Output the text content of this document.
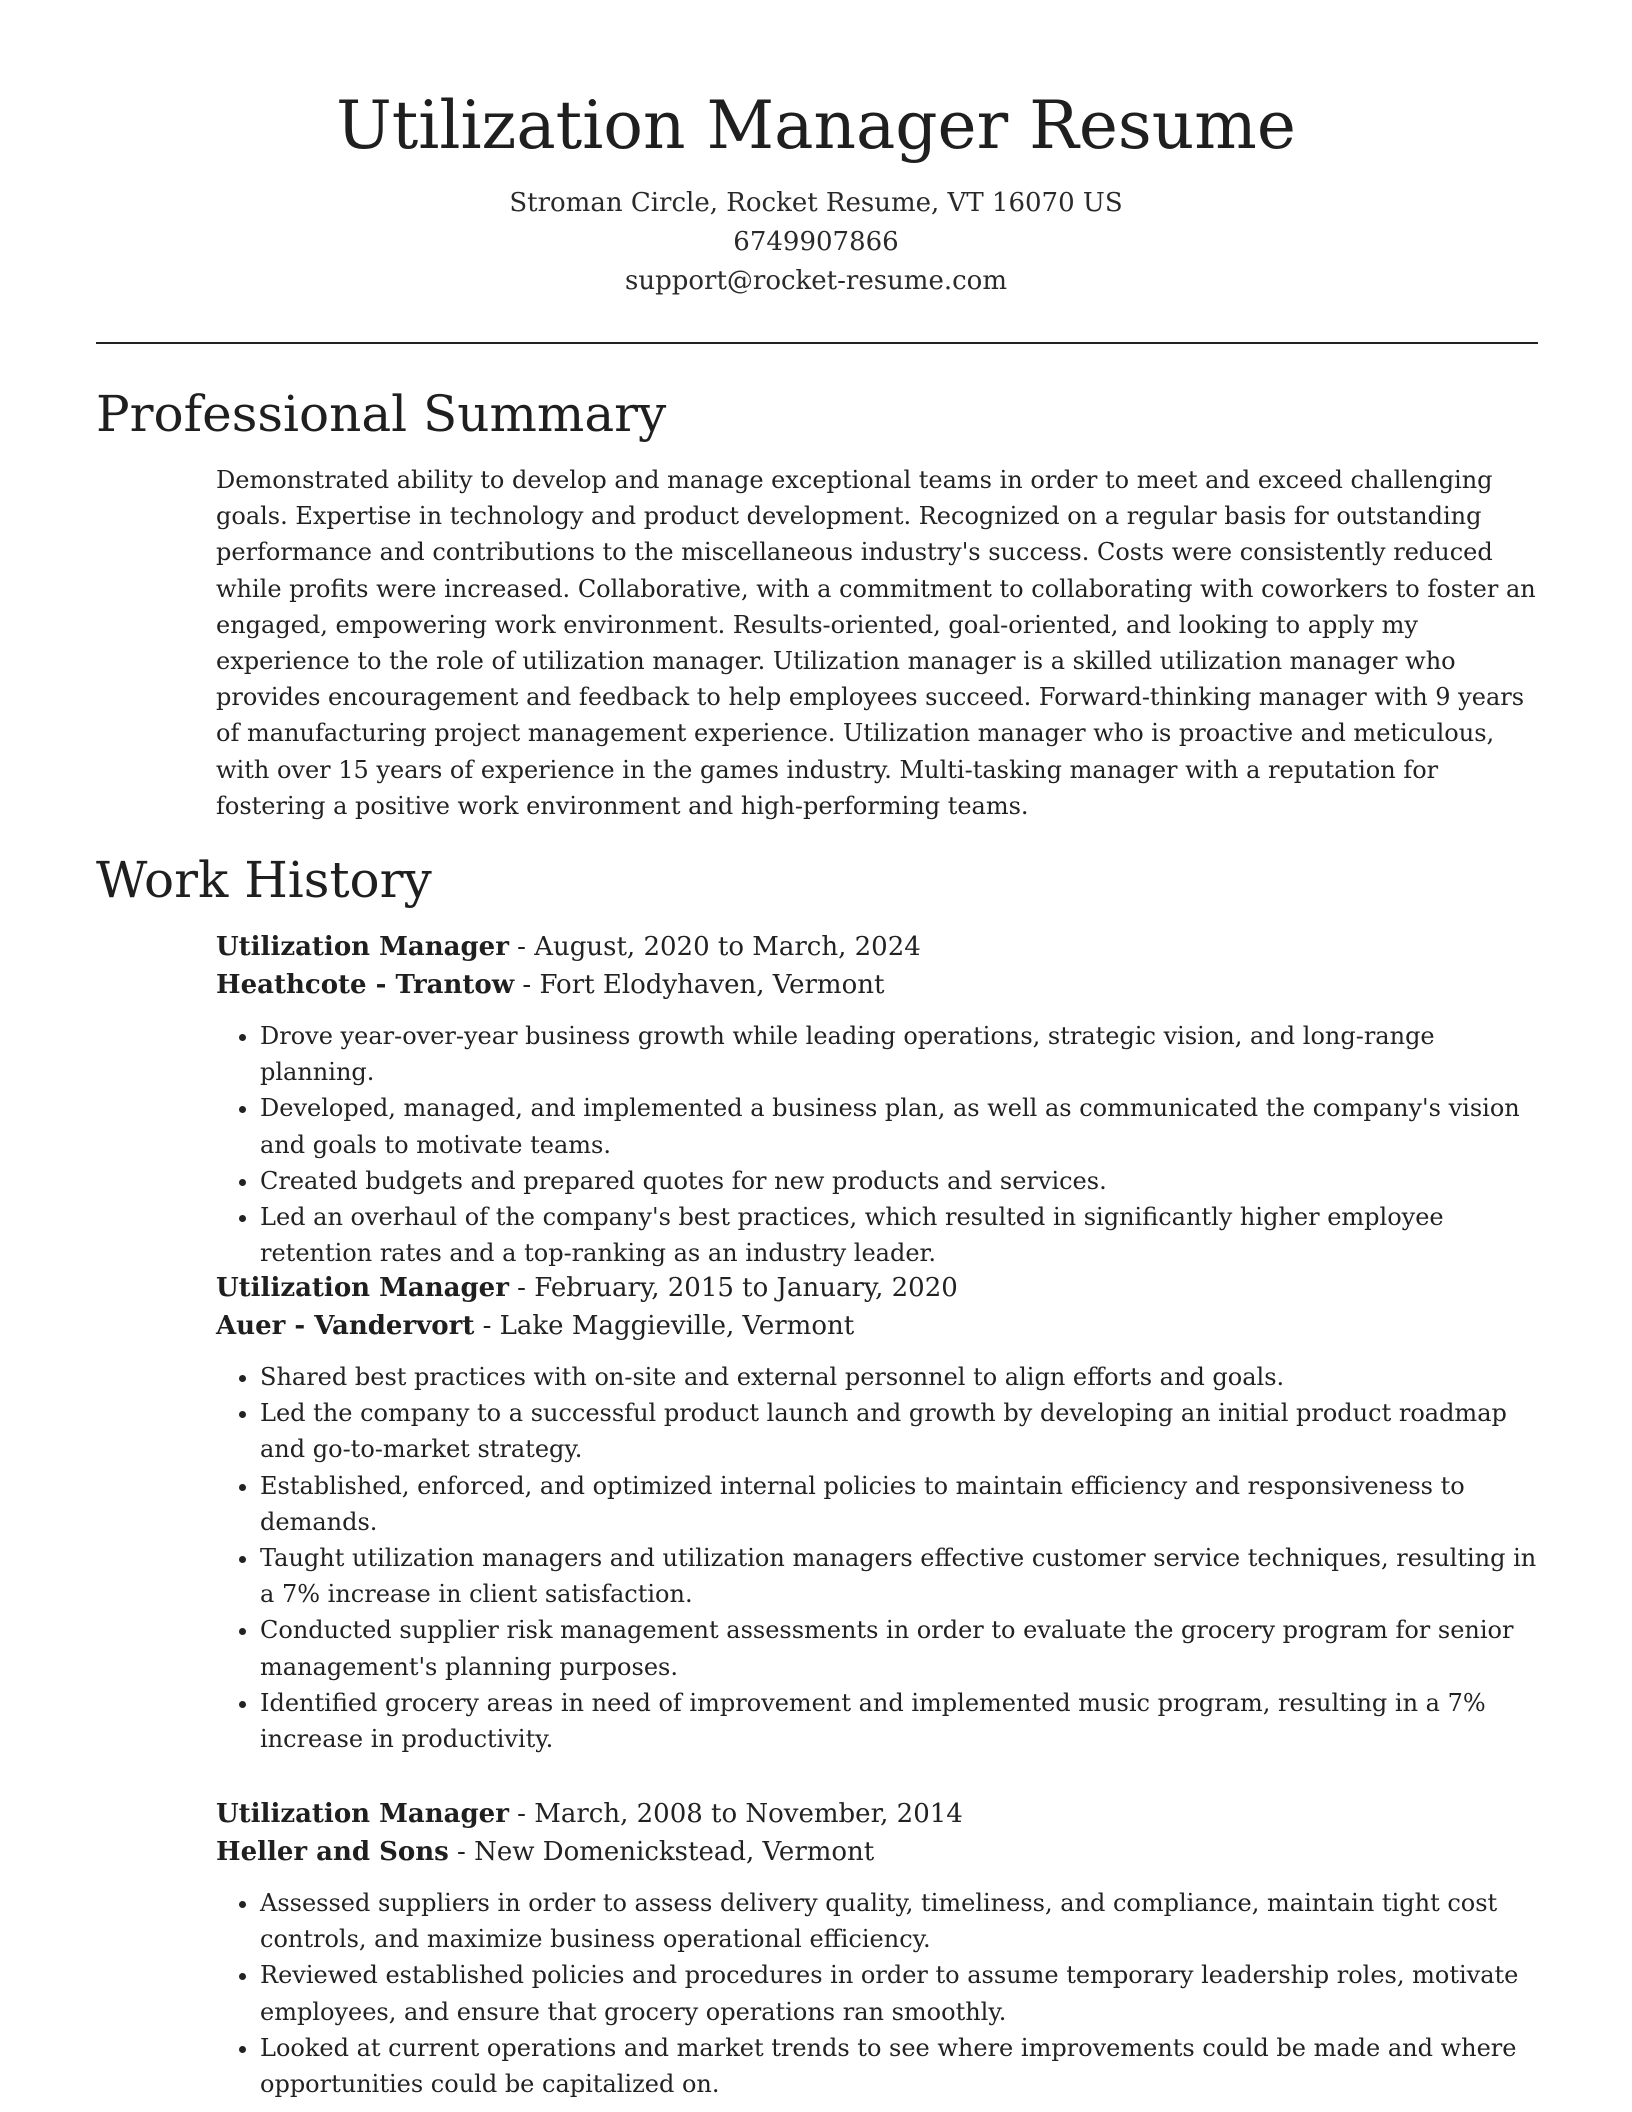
Utilization Manager Resume
Stroman Circle, Rocket Resume, VT 16070 US
6749907866
support@rocket-resume.com
Professional Summary

Demonstrated ability to develop and manage exceptional teams in order to meet and exceed challenging goals. Expertise in technology and product development. Recognized on a regular basis for outstanding performance and contributions to the miscellaneous industry's success. Costs were consistently reduced while profits were increased. Collaborative, with a commitment to collaborating with coworkers to foster an engaged, empowering work environment. Results-oriented, goal-oriented, and looking to apply my experience to the role of utilization manager. Utilization manager is a skilled utilization manager who provides encouragement and feedback to help employees succeed. Forward-thinking manager with 9 years of manufacturing project management experience. Utilization manager who is proactive and meticulous, with over 15 years of experience in the games industry. Multi-tasking manager with a reputation for fostering a positive work environment and high-performing teams.

Work History

Utilization Manager - August, 2020 to March, 2024

Heathcote - Trantow - Fort Elodyhaven, Vermont

• Drove year-over-year business growth while leading operations, strategic vision, and long-range planning.
• Developed, managed, and implemented a business plan, as well as communicated the company's vision and goals to motivate teams.
• Created budgets and prepared quotes for new products and services.
• Led an overhaul of the company's best practices, which resulted in significantly higher employee retention rates and a top-ranking as an industry leader.

Utilization Manager - February, 2015 to January, 2020

Auer - Vandervort - Lake Maggieville, Vermont

• Shared best practices with on-site and external personnel to align efforts and goals.
• Led the company to a successful product launch and growth by developing an initial product roadmap and go-to-market strategy.
• Established, enforced, and optimized internal policies to maintain efficiency and responsiveness to demands.
• Taught utilization managers and utilization managers effective customer service techniques, resulting in a 7% increase in client satisfaction.
• Conducted supplier risk management assessments in order to evaluate the grocery program for senior management's planning purposes.
• Identified grocery areas in need of improvement and implemented music program, resulting in a 7% increase in productivity.

Utilization Manager - March, 2008 to November, 2014

Heller and Sons - New Domenickstead, Vermont

• Assessed suppliers in order to assess delivery quality, timeliness, and compliance, maintain tight cost controls, and maximize business operational efficiency.
• Reviewed established policies and procedures in order to assume temporary leadership roles, motivate employees, and ensure that grocery operations ran smoothly.
• Looked at current operations and market trends to see where improvements could be made and where opportunities could be capitalized on.
